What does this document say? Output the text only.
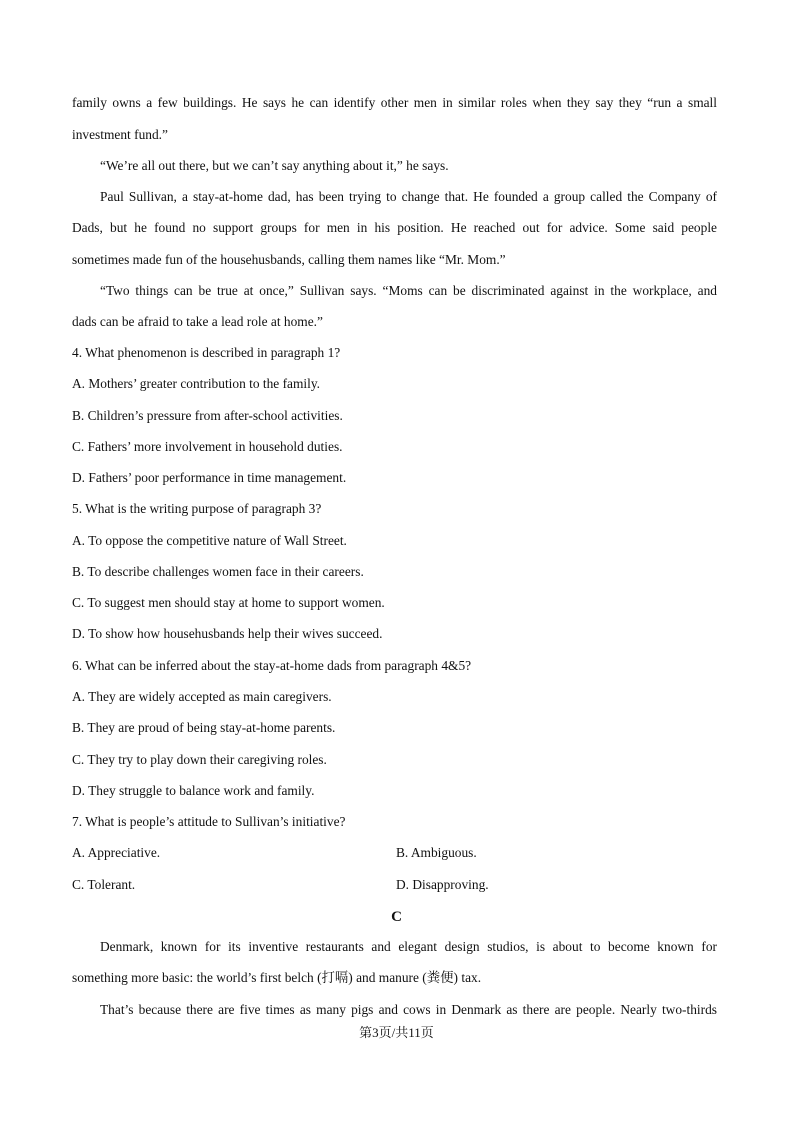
family owns a few buildings. He says he can identify other men in similar roles when they say they “run a small
investment fund.”
“We’re all out there, but we can’t say anything about it,” he says.
Paul Sullivan, a stay-at-home dad, has been trying to change that. He founded a group called the Company of
Dads, but he found no support groups for men in his position. He reached out for advice. Some said people
sometimes made fun of the househusbands, calling them names like “Mr. Mom.”
“Two things can be true at once,” Sullivan says. “Moms can be discriminated against in the workplace, and
dads can be afraid to take a lead role at home.”
4. What phenomenon is described in paragraph 1?
A. Mothers’ greater contribution to the family.
B. Children’s pressure from after-school activities.
C. Fathers’ more involvement in household duties.
D. Fathers’ poor performance in time management.
5. What is the writing purpose of paragraph 3?
A. To oppose the competitive nature of Wall Street.
B. To describe challenges women face in their careers.
C. To suggest men should stay at home to support women.
D. To show how househusbands help their wives succeed.
6. What can be inferred about the stay-at-home dads from paragraph 4&5?
A. They are widely accepted as main caregivers.
B. They are proud of being stay-at-home parents.
C. They try to play down their caregiving roles.
D. They struggle to balance work and family.
7. What is people’s attitude to Sullivan’s initiative?
A. Appreciative.	B. Ambiguous.
C. Tolerant.	D. Disapproving.
C
Denmark, known for its inventive restaurants and elegant design studios, is about to become known for
something more basic: the world’s first belch (打嗝) and manure (粪便) tax.
That’s because there are five times as many pigs and cows in Denmark as there are people. Nearly two-thirds
第3页/共11页
